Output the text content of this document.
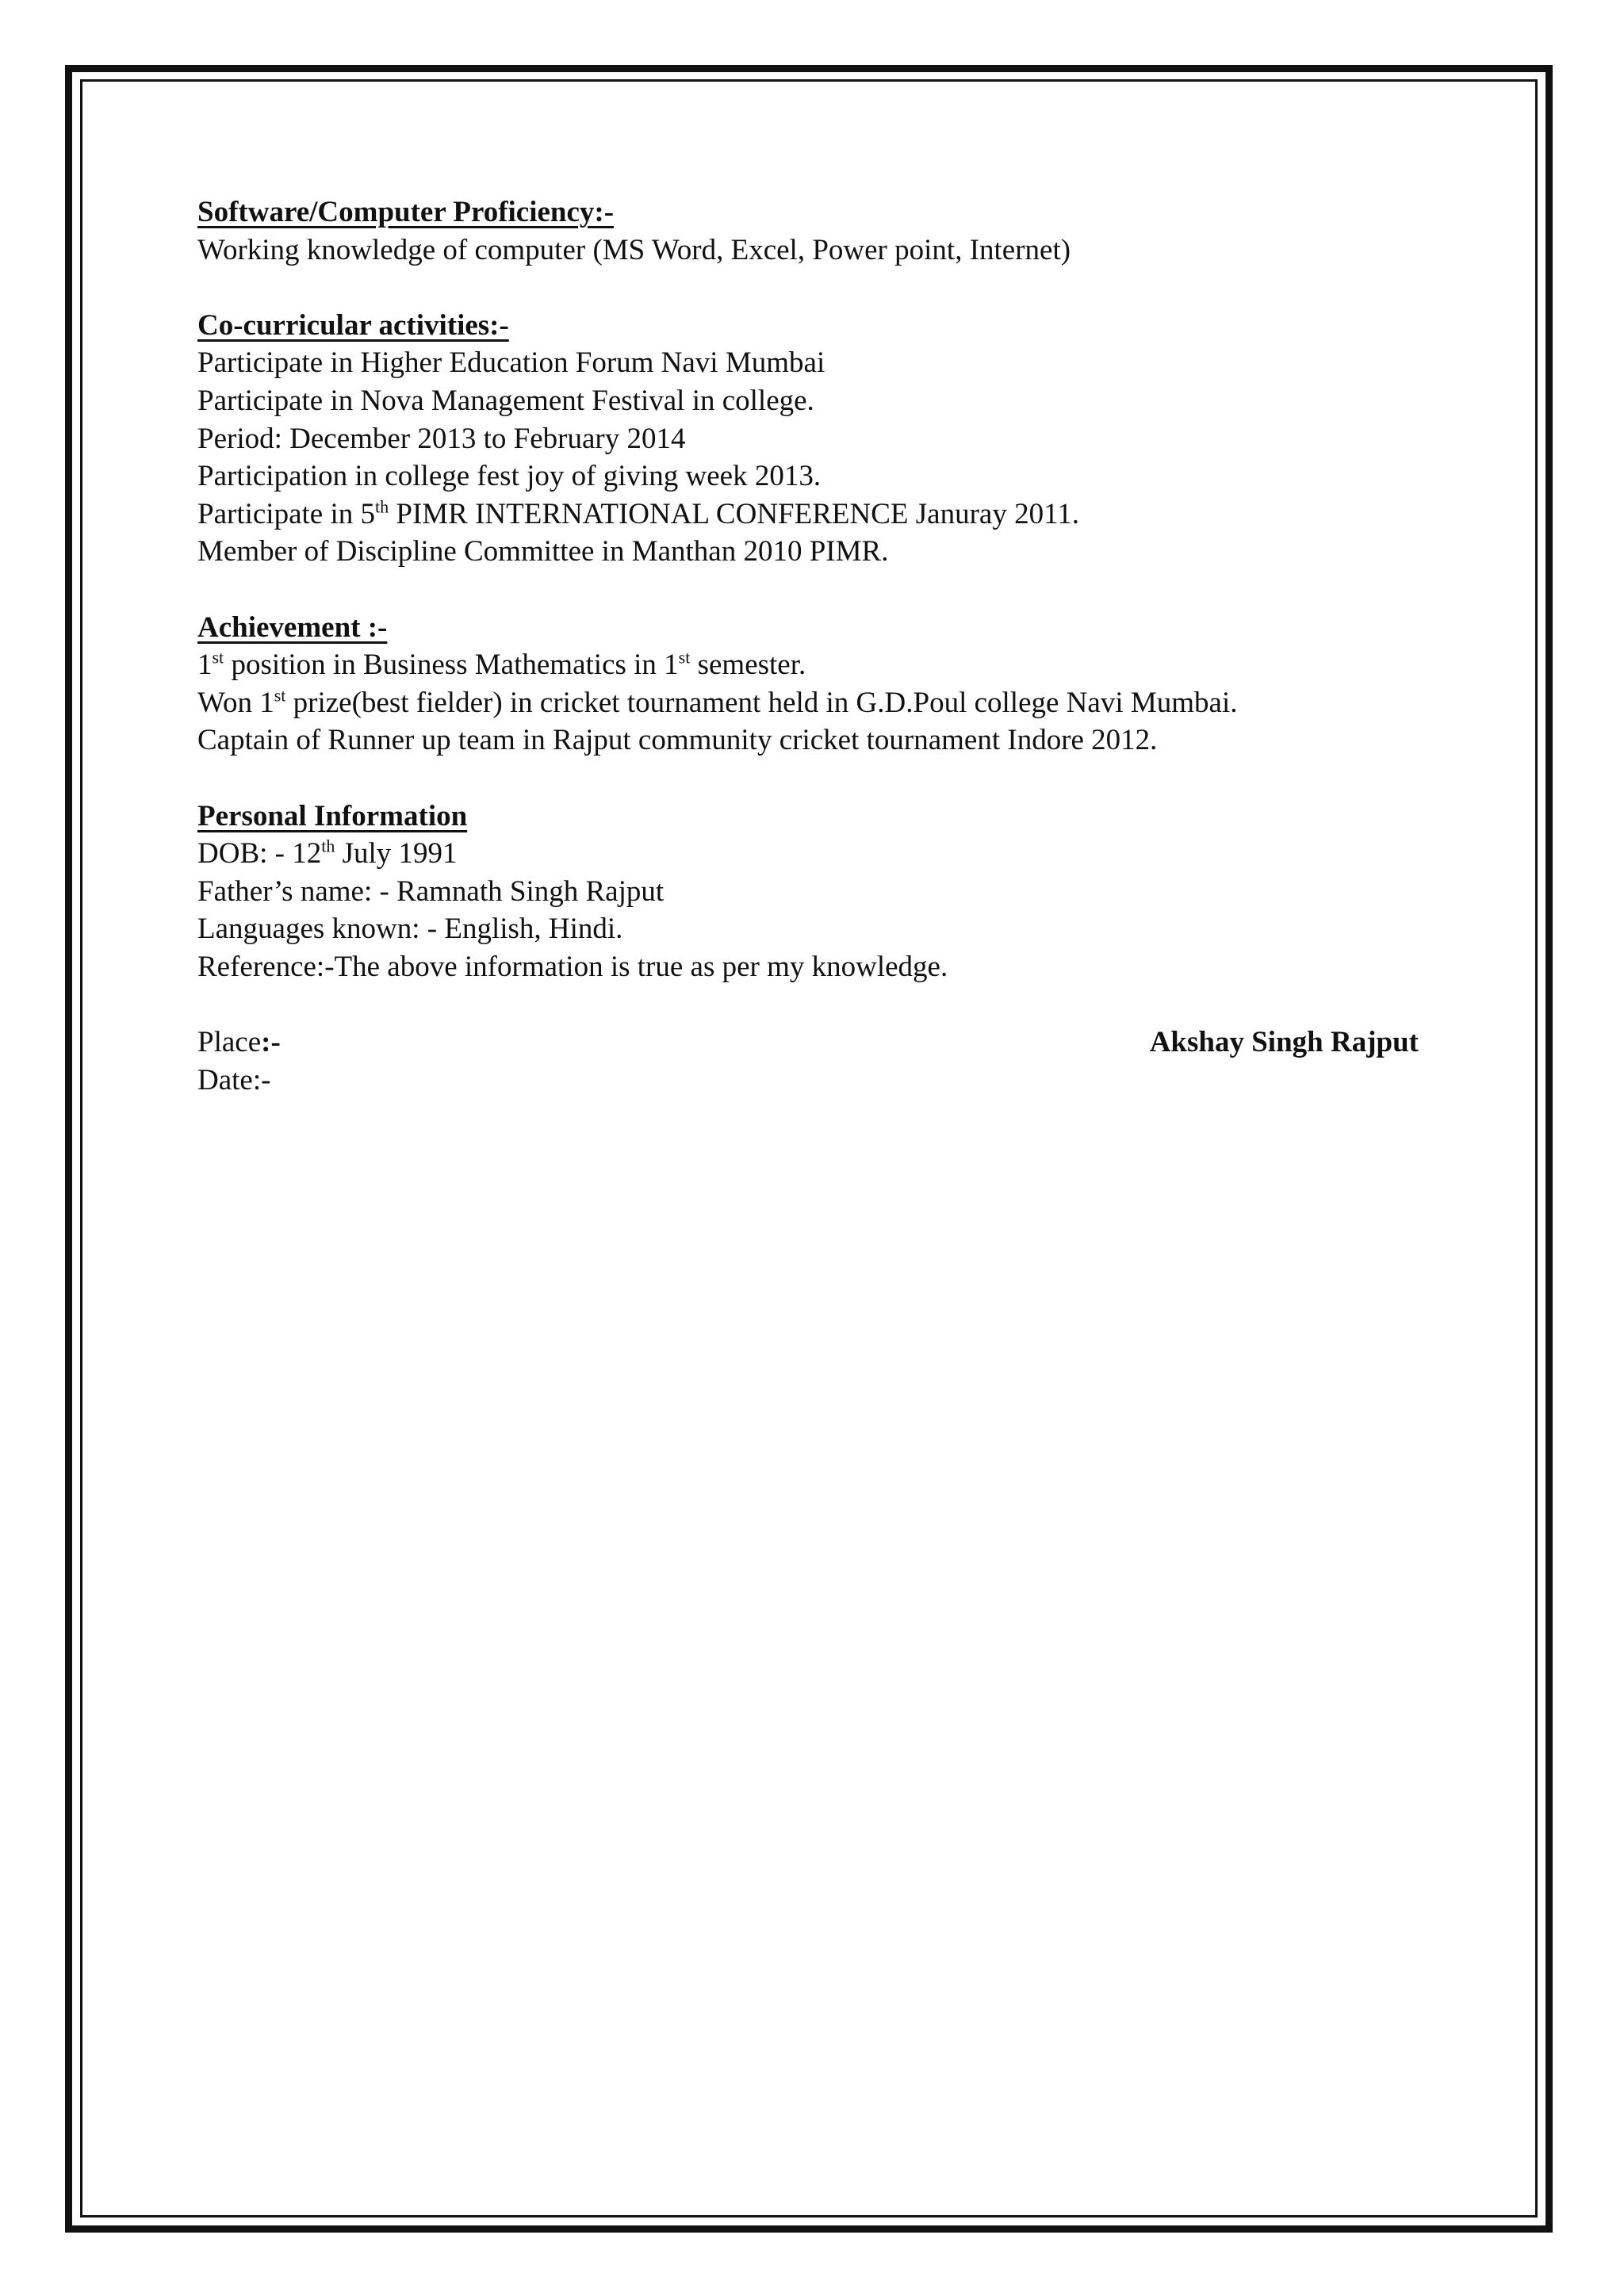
Software/Computer Proficiency:-
Working knowledge of computer (MS Word, Excel, Power point, Internet)
Co-curricular activities:-
Participate in Higher Education Forum Navi Mumbai
Participate in Nova Management Festival in college.
Period: December 2013 to February 2014
Participation in college fest joy of giving week 2013.
Participate in 5th PIMR INTERNATIONAL CONFERENCE Januray 2011.
Member of Discipline Committee in Manthan 2010 PIMR.
Achievement :-
1st position in Business Mathematics in 1st semester.
Won 1st prize(best fielder) in cricket tournament held in G.D.Poul college Navi Mumbai.
Captain of Runner up team in Rajput community cricket tournament Indore 2012.
Personal Information
DOB: - 12th July 1991
Father’s name: - Ramnath Singh Rajput
Languages known: - English, Hindi.
Reference:-The above information is true as per my knowledge.
Place:-	Akshay Singh Rajput
Date:-
